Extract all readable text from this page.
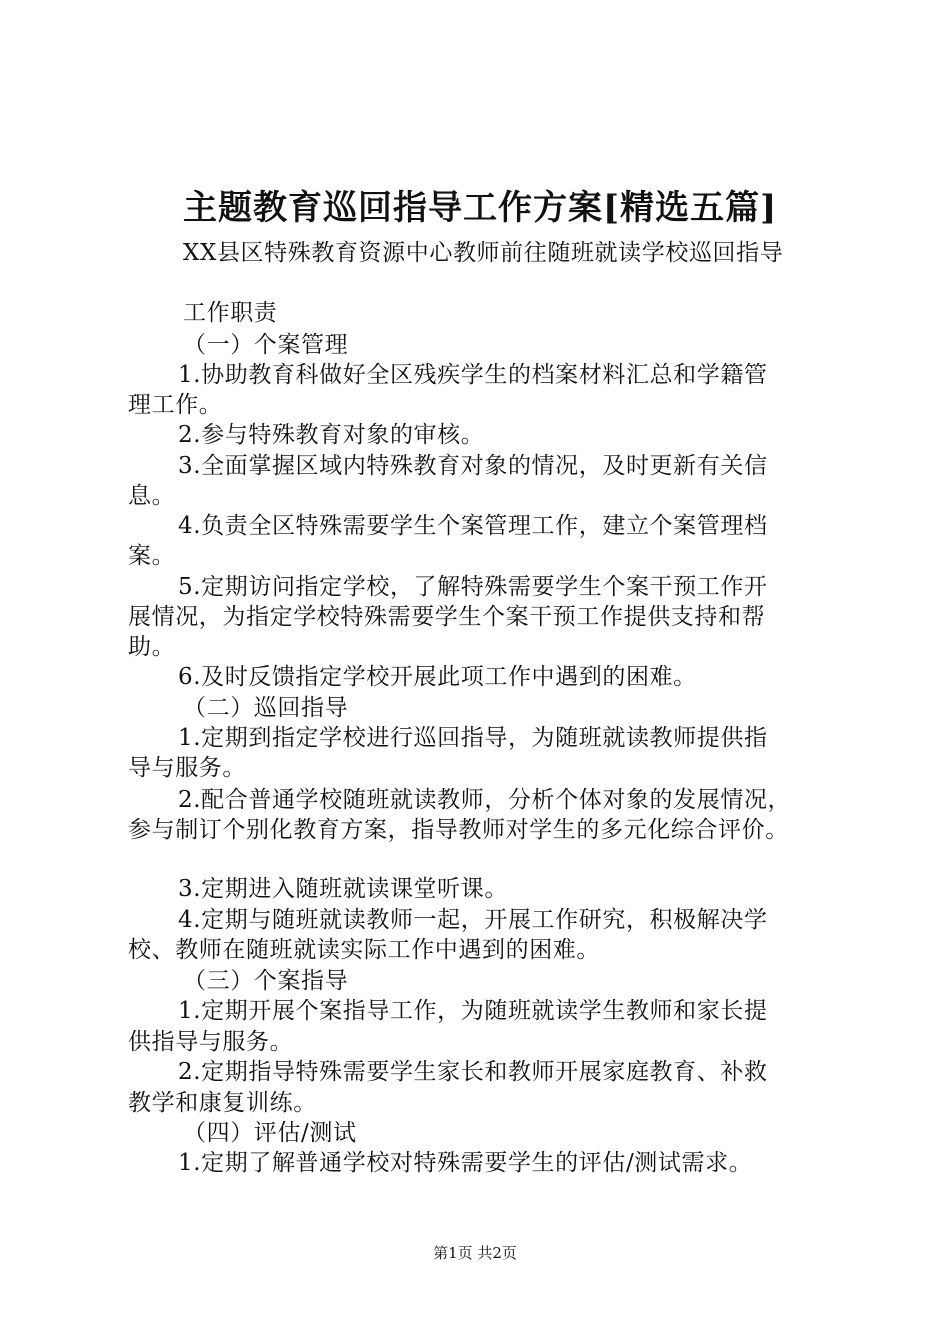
主题教育巡回指导工作方案[精选五篇]
XX县区特殊教育资源中心教师前往随班就读学校巡回指导
工作职责
（一）个案管理
1.协助教育科做好全区残疾学生的档案材料汇总和学籍管
理工作。
2.参与特殊教育对象的审核。
3.全面掌握区域内特殊教育对象的情况，及时更新有关信
息。
4.负责全区特殊需要学生个案管理工作，建立个案管理档
案。
5.定期访问指定学校，了解特殊需要学生个案干预工作开
展情况，为指定学校特殊需要学生个案干预工作提供支持和帮
助。
6.及时反馈指定学校开展此项工作中遇到的困难。
（二）巡回指导
1.定期到指定学校进行巡回指导，为随班就读教师提供指
导与服务。
2.配合普通学校随班就读教师，分析个体对象的发展情况，
参与制订个别化教育方案，指导教师对学生的多元化综合评价。
3.定期进入随班就读课堂听课。
4.定期与随班就读教师一起，开展工作研究，积极解决学
校、教师在随班就读实际工作中遇到的困难。
（三）个案指导
1.定期开展个案指导工作，为随班就读学生教师和家长提
供指导与服务。
2.定期指导特殊需要学生家长和教师开展家庭教育、补救
教学和康复训练。
（四）评估/测试
1.定期了解普通学校对特殊需要学生的评估/测试需求。
第1页 共2页
